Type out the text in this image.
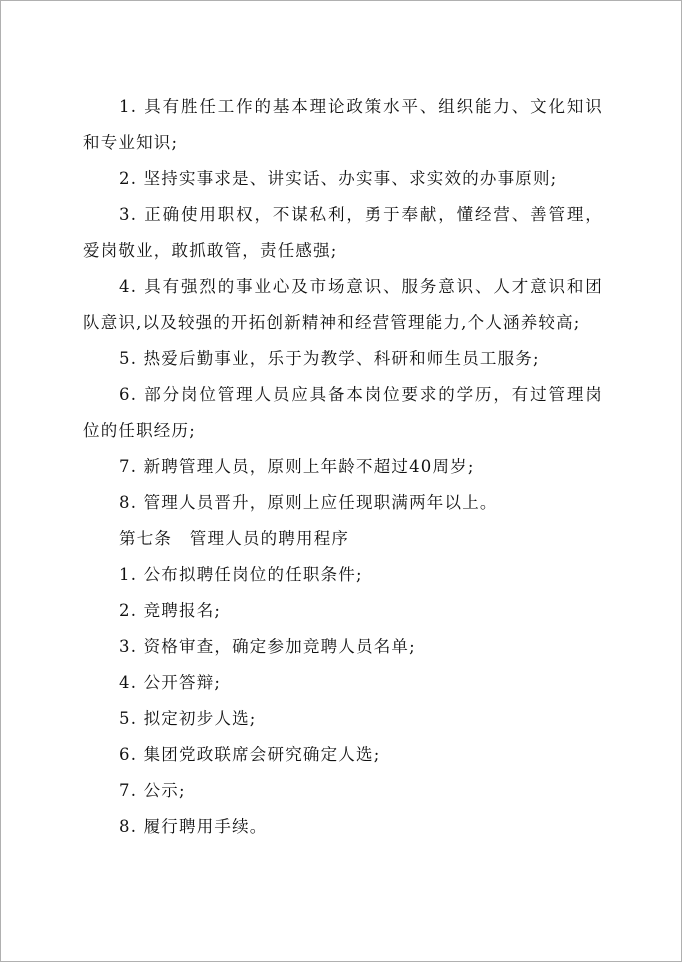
1. 具有胜任工作的基本理论政策水平、组织能力、文化知识和专业知识;

2. 坚持实事求是、讲实话、办实事、求实效的办事原则;

3. 正确使用职权，不谋私利，勇于奉献，懂经营、善管理，爱岗敬业，敢抓敢管，责任感强;

4. 具有强烈的事业心及市场意识、服务意识、人才意识和团队意识,以及较强的开拓创新精神和经营管理能力,个人涵养较高;

5. 热爱后勤事业，乐于为教学、科研和师生员工服务;

6. 部分岗位管理人员应具备本岗位要求的学历，有过管理岗位的任职经历;

7. 新聘管理人员，原则上年龄不超过40周岁;

8. 管理人员晋升，原则上应任现职满两年以上。

第七条　管理人员的聘用程序

1. 公布拟聘任岗位的任职条件;

2. 竞聘报名;

3. 资格审查，确定参加竞聘人员名单;

4. 公开答辩;

5. 拟定初步人选;

6. 集团党政联席会研究确定人选;

7. 公示;

8. 履行聘用手续。
